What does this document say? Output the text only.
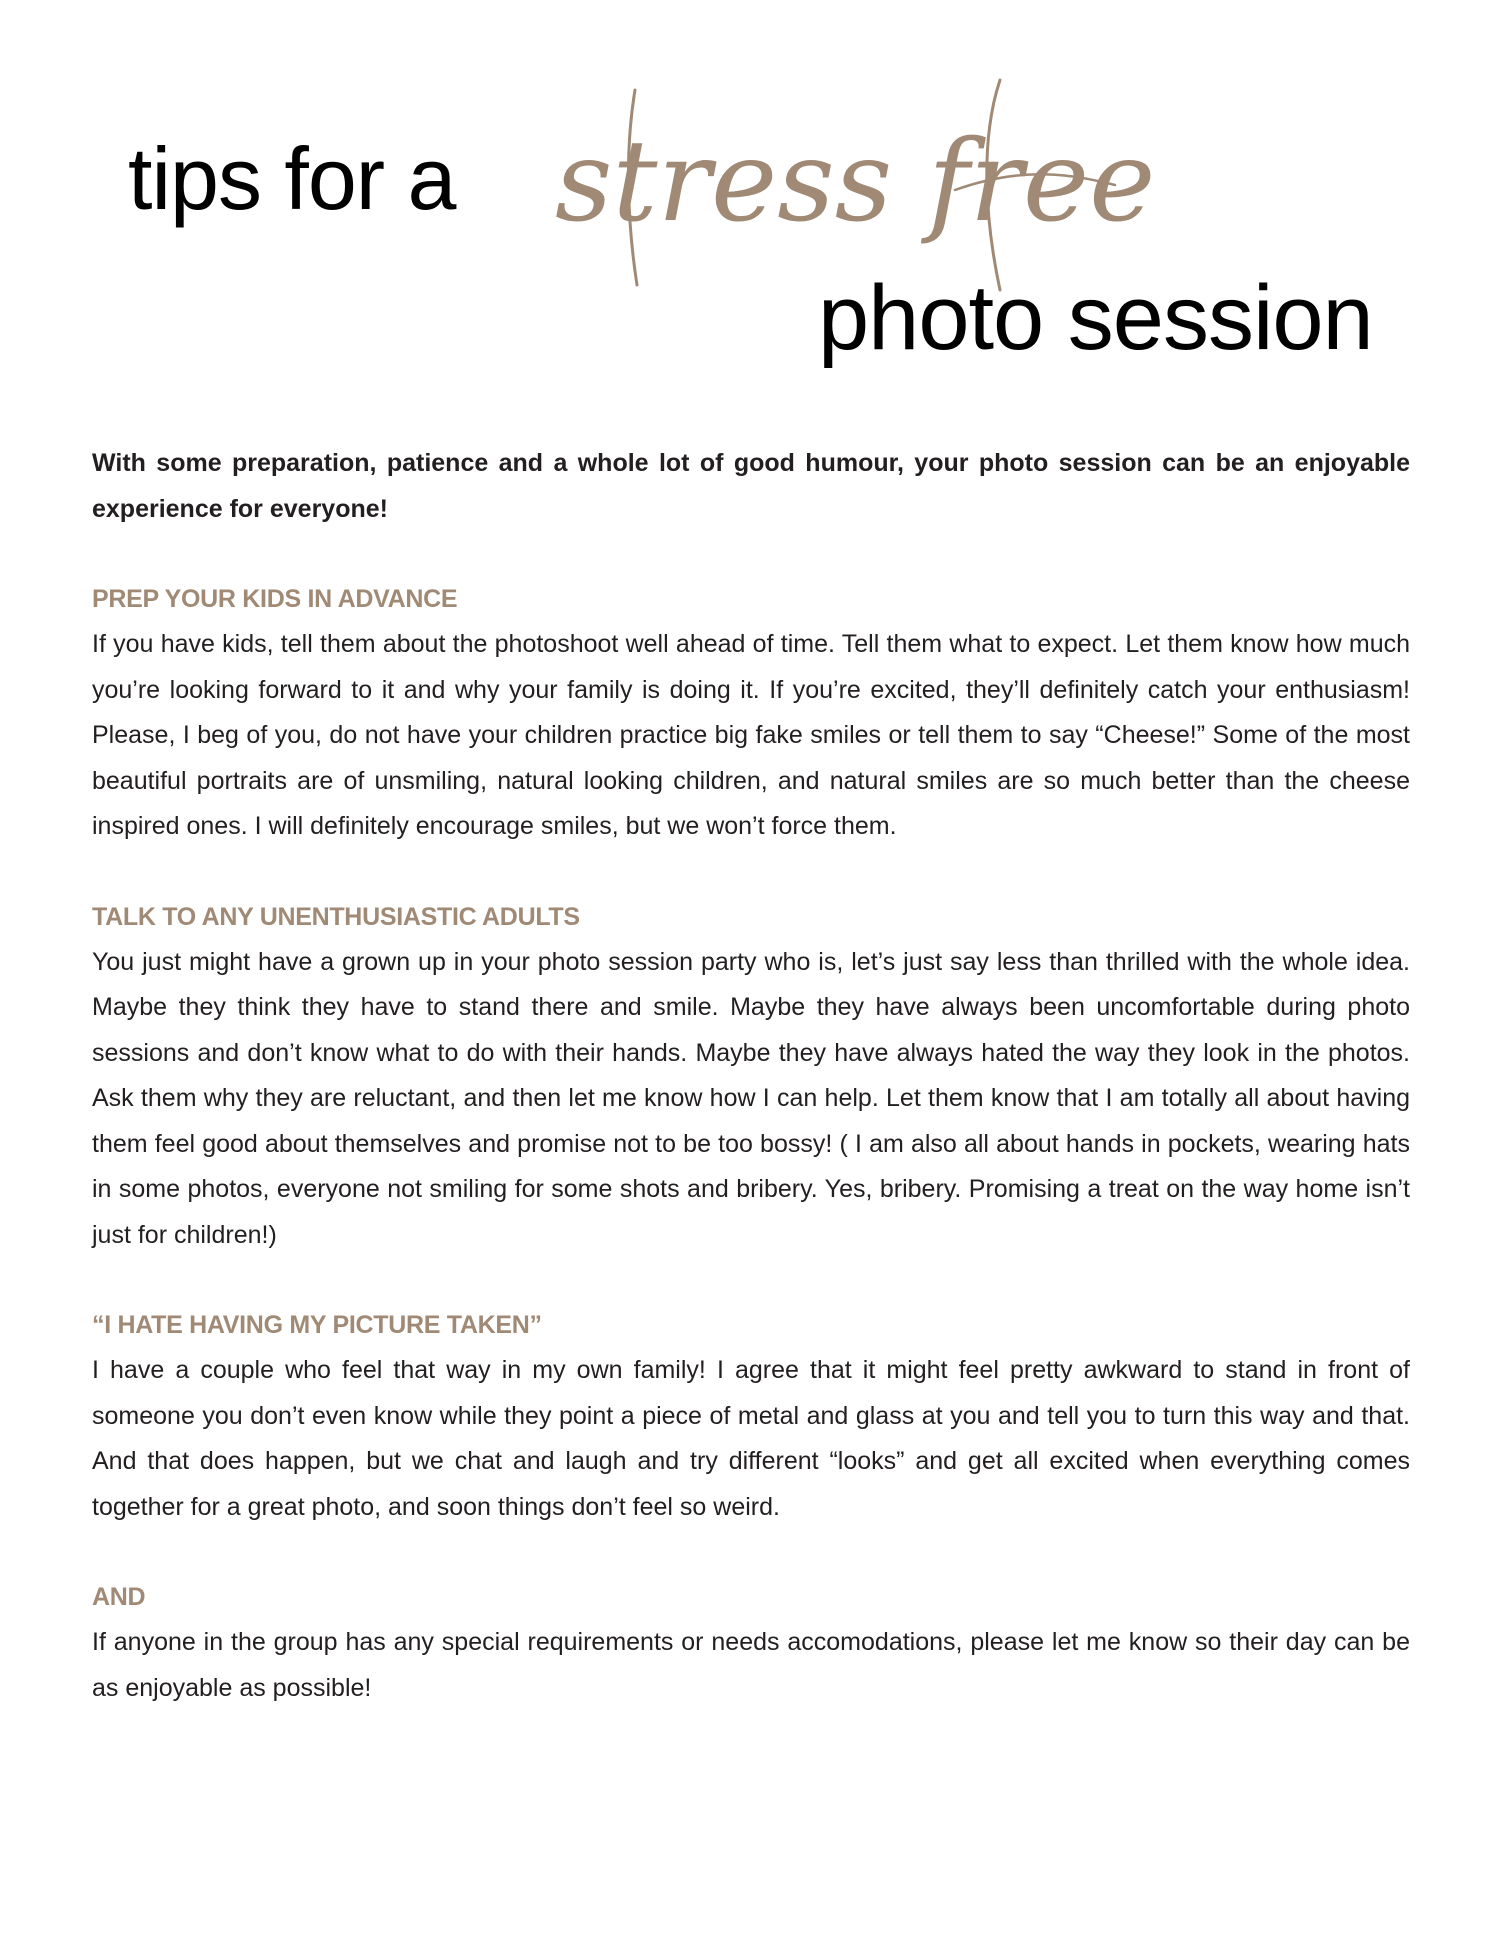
tips for a stress free
photo session

With some preparation, patience and a whole lot of good humour, your photo session can be an enjoyable experience for everyone!

PREP YOUR KIDS IN ADVANCE

If you have kids, tell them about the photoshoot well ahead of time. Tell them what to expect. Let them know how much you’re looking forward to it and why your family is doing it. If you’re excited, they’ll definitely catch your enthusiasm! Please, I beg of you, do not have your children practice big fake smiles or tell them to say “Cheese!” Some of the most beautiful portraits are of unsmiling, natural looking children, and natural smiles are so much better than the cheese inspired ones. I will definitely encourage smiles, but we won’t force them.

TALK TO ANY UNENTHUSIASTIC ADULTS

You just might have a grown up in your photo session party who is, let’s just say less than thrilled with the whole idea. Maybe they think they have to stand there and smile. Maybe they have always been uncomfortable during photo sessions and don’t know what to do with their hands. Maybe they have always hated the way they look in the photos. Ask them why they are reluctant, and then let me know how I can help. Let them know that I am totally all about having them feel good about themselves and promise not to be too bossy! ( I am also all about hands in pockets, wearing hats in some photos, everyone not smiling for some shots and bribery. Yes, bribery. Promising a treat on the way home isn’t just for children!)

“I HATE HAVING MY PICTURE TAKEN”

I have a couple who feel that way in my own family! I agree that it might feel pretty awkward to stand in front of someone you don’t even know while they point a piece of metal and glass at you and tell you to turn this way and that. And that does happen, but we chat and laugh and try different “looks” and get all excited when everything comes together for a great photo, and soon things don’t feel so weird.

AND

If anyone in the group has any special requirements or needs accomodations, please let me know so their day can be as enjoyable as possible!
